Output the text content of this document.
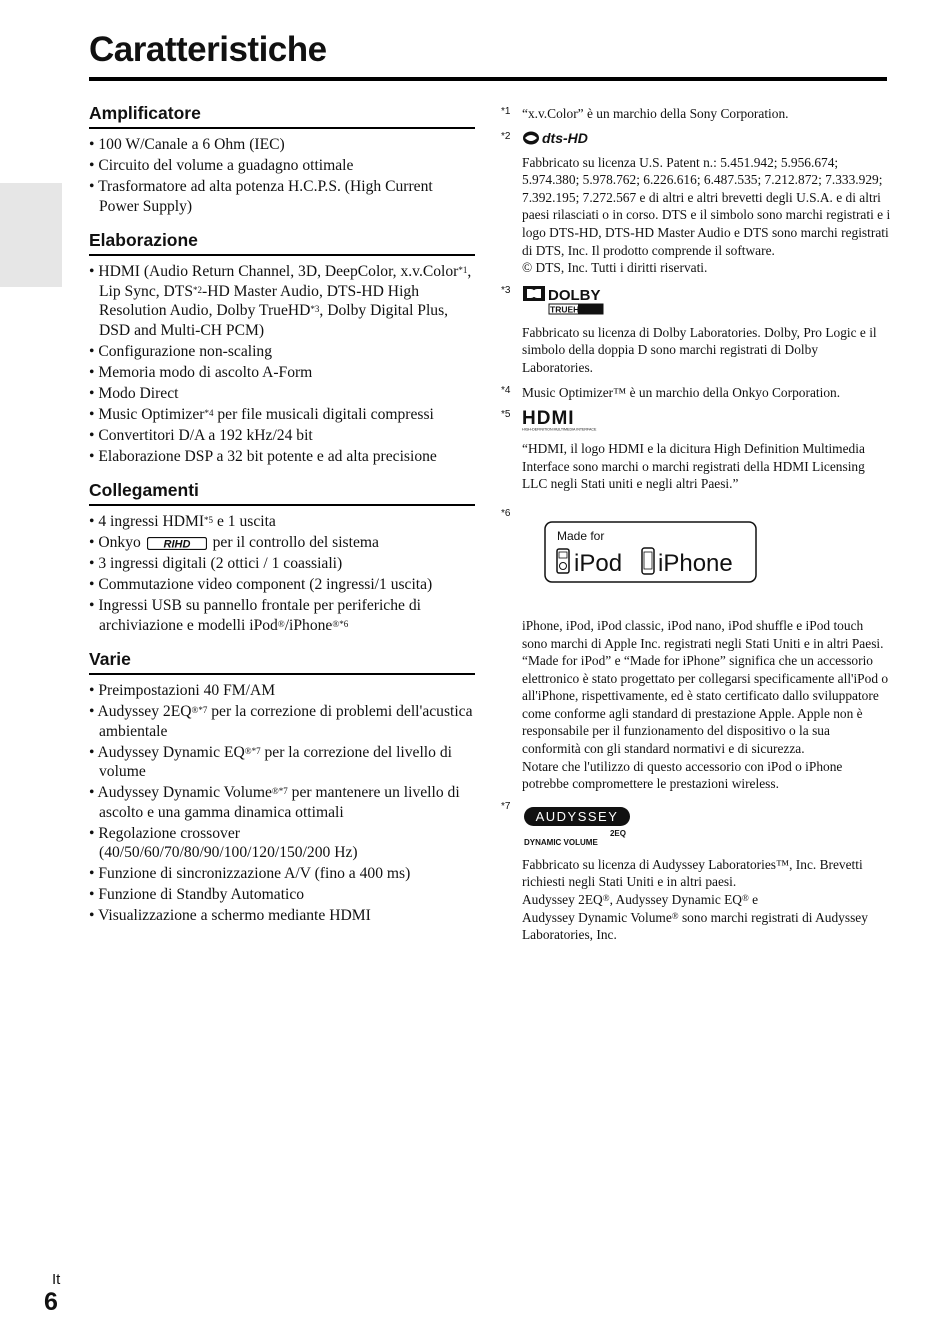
Caratteristiche
Amplificatore
• 100 W/Canale a 6 Ohm (IEC)
• Circuito del volume a guadagno ottimale
• Trasformatore ad alta potenza H.C.P.S. (High Current Power Supply)
Elaborazione
• HDMI (Audio Return Channel, 3D, DeepColor, x.v.Color$^{*1}$, Lip Sync, DTS$^{*2}$-HD Master Audio, DTS-HD High Resolution Audio, Dolby TrueHD$^{*3}$, Dolby Digital Plus, DSD and Multi-CH PCM)
• Configurazione non-scaling
• Memoria modo di ascolto A-Form
• Modo Direct
• Music Optimizer$^{*4}$ per file musicali digitali compressi
• Convertitori D/A a 192 kHz/24 bit
• Elaborazione DSP a 32 bit potente e ad alta precisione
Collegamenti
• 4 ingressi HDMI$^{*5}$ e 1 uscita
• Onkyo RIHD per il controllo del sistema
• 3 ingressi digitali (2 ottici / 1 coassiali)
• Commutazione video component (2 ingressi/1 uscita)
• Ingressi USB su pannello frontale per periferiche di archiviazione e modelli iPod®/iPhone$^{®*6}$
Varie
• Preimpostazioni 40 FM/AM
• Audyssey $2EQ^{®*7}$ per la correzione di problemi dell'acustica ambientale
• Audyssey Dynamic $EQ^{®*7}$ per la correzione del livello di volume
• Audyssey Dynamic Volume$^{®*7}$ per mantenere un livello di ascolto e una gamma dinamica ottimali
• Regolazione crossover (40/50/60/70/80/90/100/120/150/200 Hz)
• Funzione di sincronizzazione A/V (fino a 400 ms)
• Funzione di Standby Automatico
• Visualizzazione a schermo mediante HDMI
*1 “x.v.Color” è un marchio della Sony Corporation.
*2 dts-HD
Fabbricato su licenza U.S. Patent n.: 5.451.942; 5.956.674; 5.974.380; 5.978.762; 6.226.616; 6.487.535; 7.212.872; 7.333.929; 7.392.195; 7.272.567 e di altri e altri brevetti degli U.S.A. e di altri paesi rilasciati o in corso. DTS e il simbolo sono marchi registrati e i logo DTS-HD, DTS-HD Master Audio e DTS sono marchi registrati di DTS, Inc. Il prodotto comprende il software.
© DTS, Inc. Tutti i diritti riservati.
*3	DOLBY
TRUEHD
Fabbricato su licenza di Dolby Laboratories. Dolby, Pro Logic e il simbolo della doppia D sono marchi registrati di Dolby Laboratories.
*4 Music Optimizer™ è un marchio della Onkyo Corporation.
*5 HDMI
HIGH-DEFINITION MULTIMEDIA INTERFACE
“HDMI, il logo HDMI e la dicitura High Definition Multimedia Interface sono marchi o marchi registrati della HDMI Licensing LLC negli Stati uniti e negli altri Paesi.”
*6
Made for
iPod iPhone
iPhone, iPod, iPod classic, iPod nano, iPod shuffle e iPod touch sono marchi di Apple Inc. registrati negli Stati Uniti e in altri Paesi.
“Made for iPod” e “Made for iPhone” significa che un accessorio elettronico è stato progettato per collegarsi specificamente all'iPod o all'iPhone, rispettivamente, ed è stato certificato dallo sviluppatore come conforme agli standard di prestazione Apple. Apple non è responsabile per il funzionamento del dispositivo o la sua conformità con gli standard normativi e di sicurezza.
Notare che l'utilizzo di questo accessorio con iPod o iPhone potrebbe compromettere le prestazioni wireless.
*7
AUDYSSEY
2EQ
DYNAMIC VOLUME
Fabbricato su licenza di Audyssey Laboratories™, Inc. Brevetti richiesti negli Stati Uniti e in altri paesi.
Audyssey 2EQ®, Audyssey Dynamic EQ® e
Audyssey Dynamic Volume® sono marchi registrati di Audyssey Laboratories, Inc.
It
6
